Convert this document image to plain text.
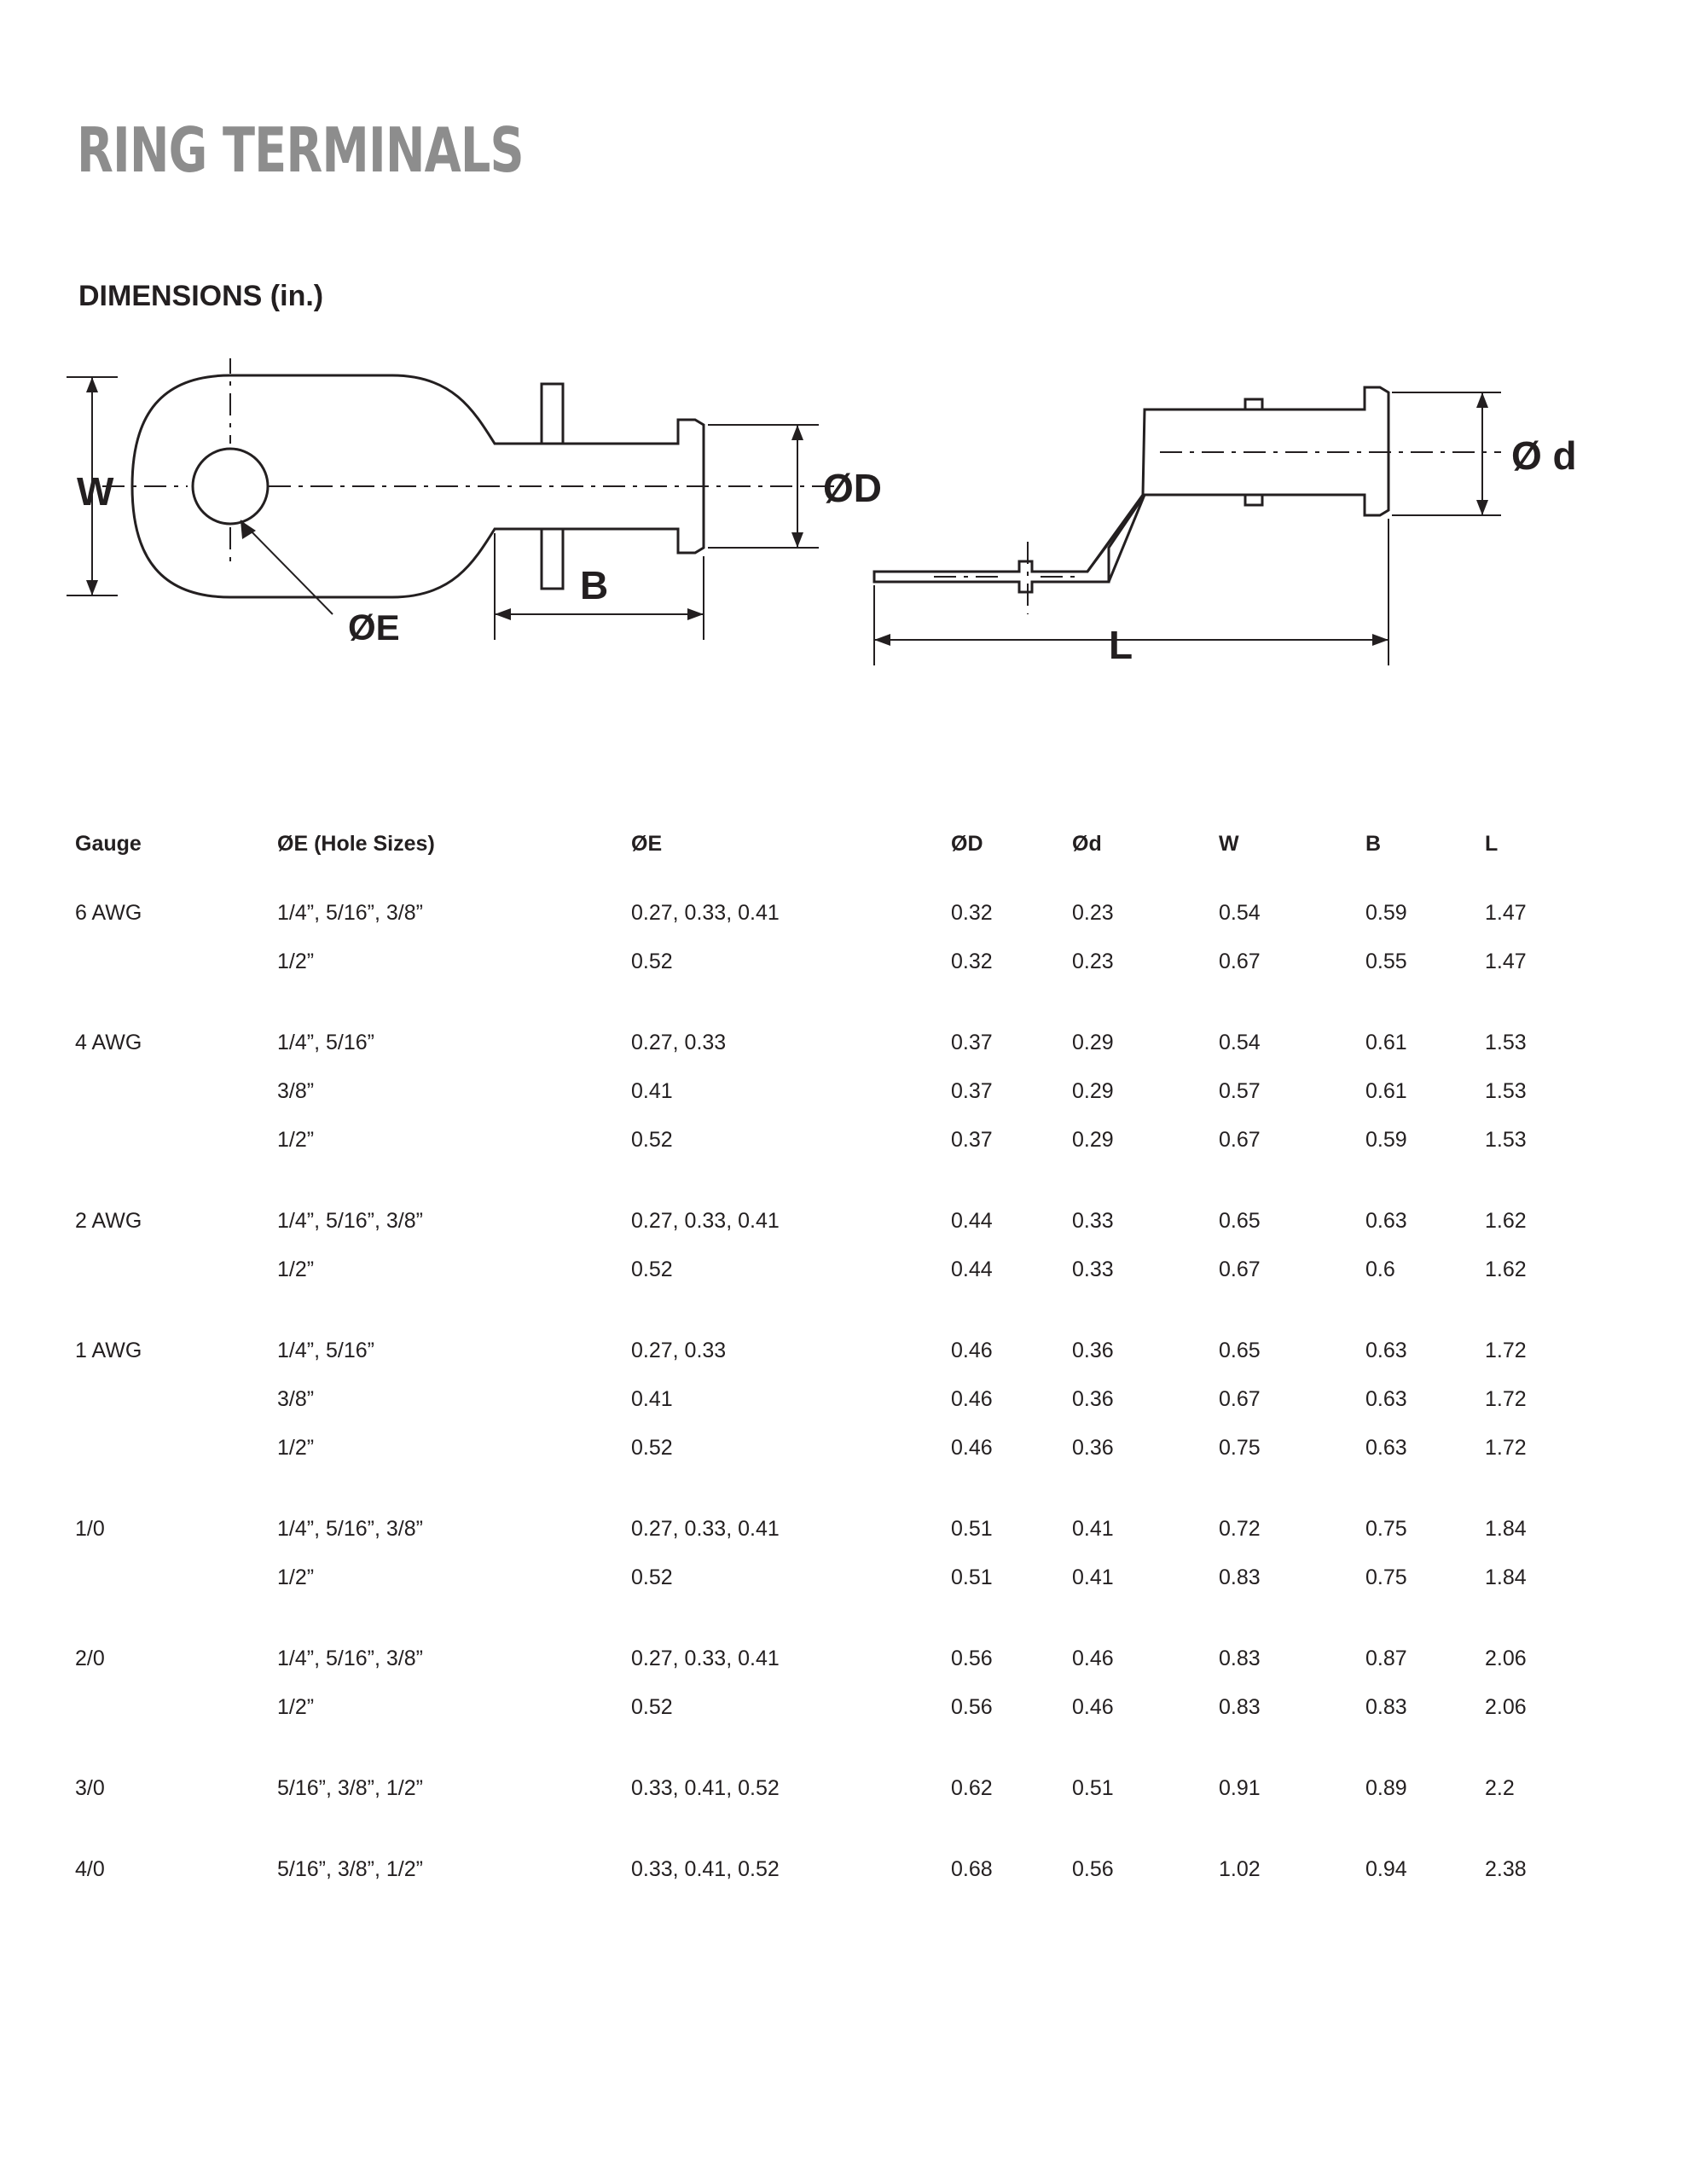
RING TERMINALS
DIMENSIONS (in.)
W
B
ØE
ØD
Ø d
L
Gauge	ØE (Hole Sizes)	ØE	ØD	Ød	W	B	L
6 AWG	1/4”, 5/16”, 3/8”	0.27, 0.33, 0.41	0.32	0.23	0.54	0.59	1.47
	1/2”	0.52	0.32	0.23	0.67	0.55	1.47
4 AWG	1/4”, 5/16”	0.27, 0.33	0.37	0.29	0.54	0.61	1.53
	3/8”	0.41	0.37	0.29	0.57	0.61	1.53
	1/2”	0.52	0.37	0.29	0.67	0.59	1.53
2 AWG	1/4”, 5/16”, 3/8”	0.27, 0.33, 0.41	0.44	0.33	0.65	0.63	1.62
	1/2”	0.52	0.44	0.33	0.67	0.6	1.62
1 AWG	1/4”, 5/16”	0.27, 0.33	0.46	0.36	0.65	0.63	1.72
	3/8”	0.41	0.46	0.36	0.67	0.63	1.72
	1/2”	0.52	0.46	0.36	0.75	0.63	1.72
1/0	1/4”, 5/16”, 3/8”	0.27, 0.33, 0.41	0.51	0.41	0.72	0.75	1.84
	1/2”	0.52	0.51	0.41	0.83	0.75	1.84
2/0	1/4”, 5/16”, 3/8”	0.27, 0.33, 0.41	0.56	0.46	0.83	0.87	2.06
	1/2”	0.52	0.56	0.46	0.83	0.83	2.06
3/0	5/16”, 3/8”, 1/2”	0.33, 0.41, 0.52	0.62	0.51	0.91	0.89	2.2
4/0	5/16”, 3/8”, 1/2”	0.33, 0.41, 0.52	0.68	0.56	1.02	0.94	2.38
